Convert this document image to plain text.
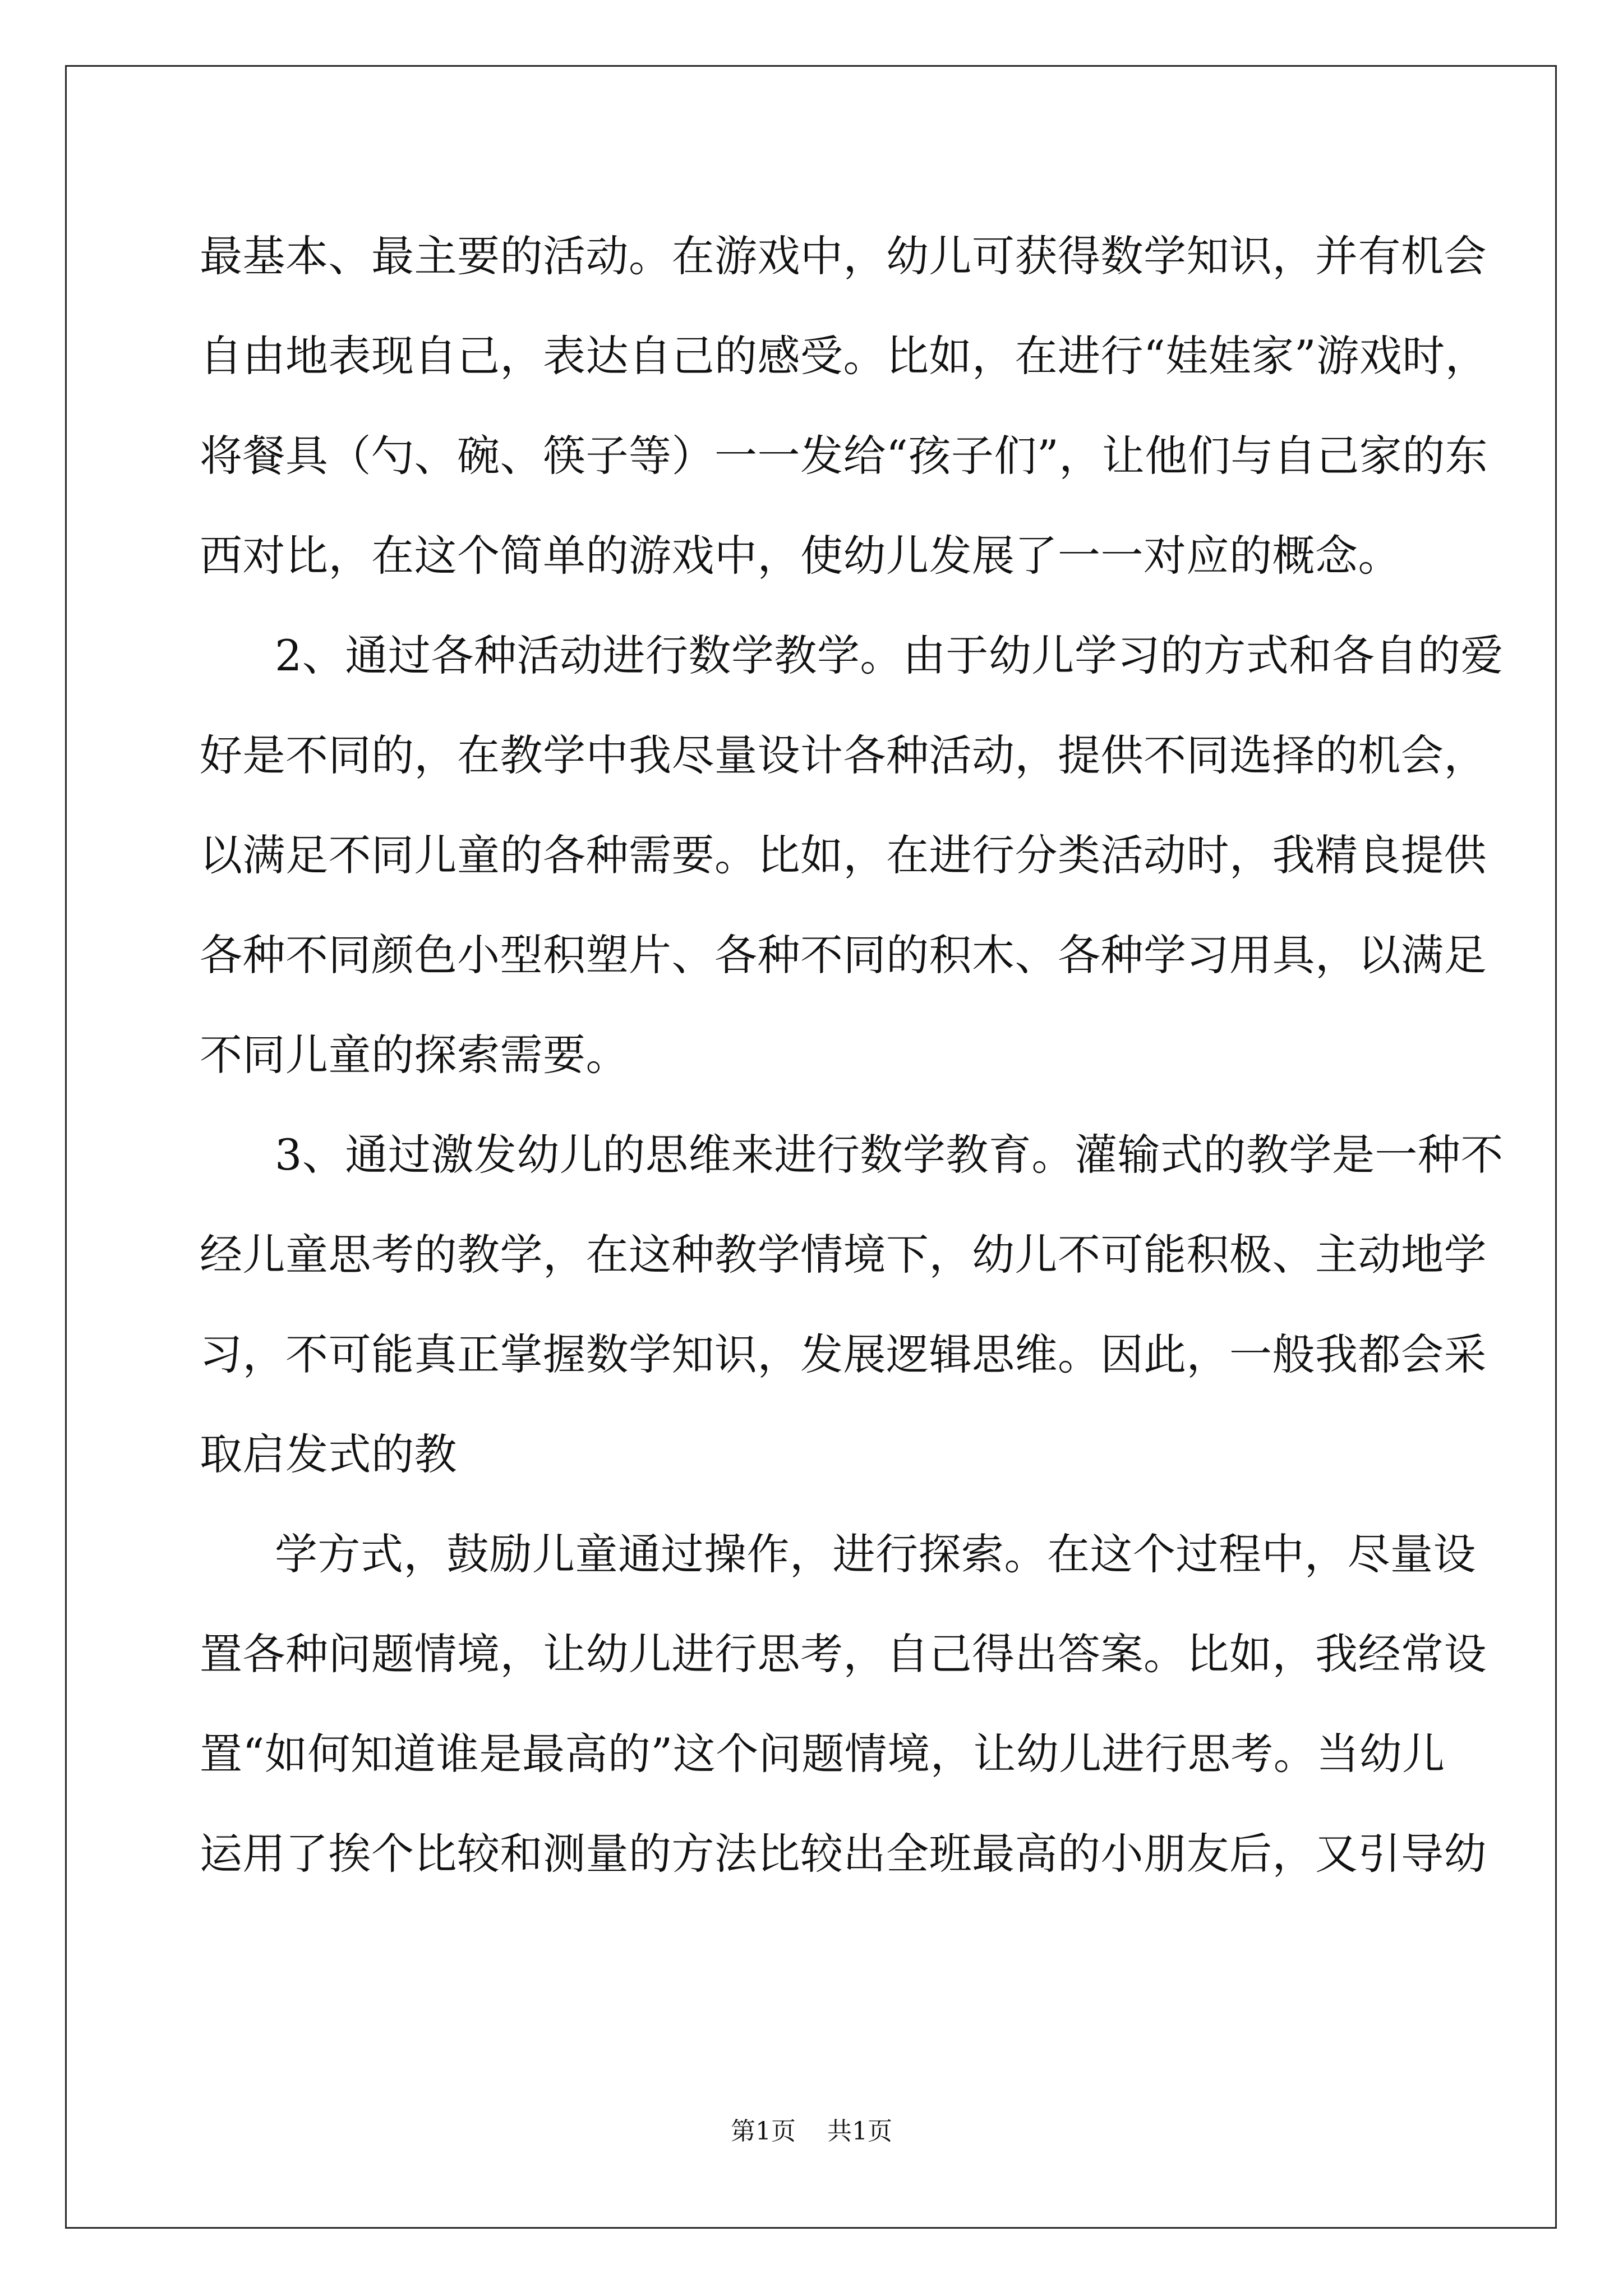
最基本、最主要的活动。在游戏中，幼儿可获得数学知识，并有机会
自由地表现自己，表达自己的感受。比如，在进行“娃娃家”游戏时，
将餐具（勺、碗、筷子等）一一发给“孩子们”，让他们与自己家的东
西对比，在这个简单的游戏中，使幼儿发展了一一对应的概念。
2、通过各种活动进行数学教学。由于幼儿学习的方式和各自的爱
好是不同的，在教学中我尽量设计各种活动，提供不同选择的机会，
以满足不同儿童的各种需要。比如，在进行分类活动时，我精良提供
各种不同颜色小型积塑片、各种不同的积木、各种学习用具，以满足
不同儿童的探索需要。
3、通过激发幼儿的思维来进行数学教育。灌输式的教学是一种不
经儿童思考的教学，在这种教学情境下，幼儿不可能积极、主动地学
习，不可能真正掌握数学知识，发展逻辑思维。因此，一般我都会采
取启发式的教
学方式，鼓励儿童通过操作，进行探索。在这个过程中，尽量设
置各种问题情境，让幼儿进行思考，自己得出答案。比如，我经常设
置“如何知道谁是最高的”这个问题情境，让幼儿进行思考。当幼儿
运用了挨个比较和测量的方法比较出全班最高的小朋友后，又引导幼
第1页 共1页
